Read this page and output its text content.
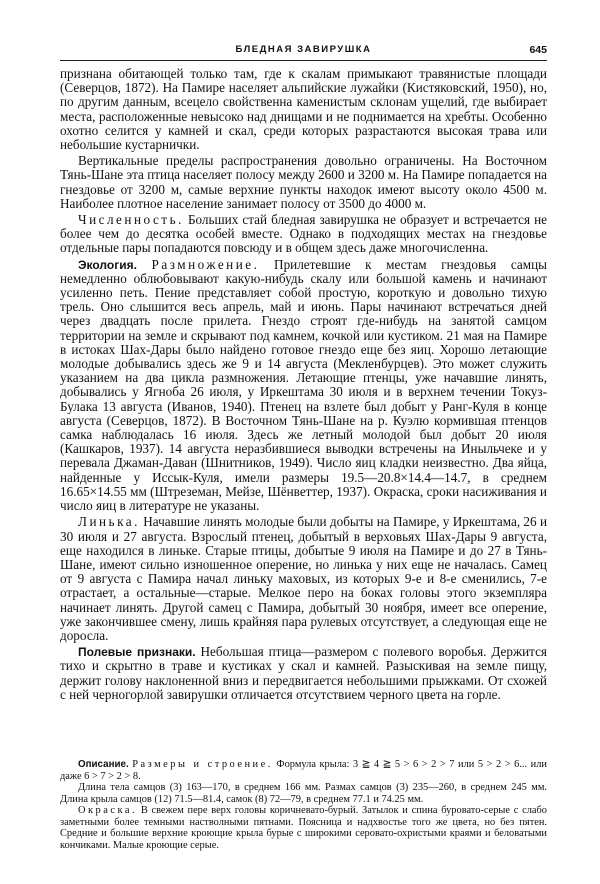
БЛЕДНАЯ ЗАВИРУШКА	645

признана обитающей только там, где к скалам примыкают травянистые площади (Северцов, 1872). На Памире населяет альпийские лужайки (Кистяковский, 1950), но, по другим данным, всецело свойственна каменистым склонам ущелий, где выбирает места, расположенные невысоко над днищами и не поднимается на хребты. Особенно охотно селится у камней и скал, среди которых разрастаются высокая трава или небольшие кустарнички.

Вертикальные пределы распространения довольно ограничены. На Восточном Тянь-Шане эта птица населяет полосу между 2600 и 3200 м. На Памире попадается на гнездовье от 3200 м, самые верхние пункты находок имеют высоту около 4500 м. Наиболее плотное население занимает полосу от 3500 до 4000 м.

Численность. Больших стай бледная завирушка не образует и встречается не более чем до десятка особей вместе. Однако в подходящих местах на гнездовье отдельные пары попадаются повсюду и в общем здесь даже многочисленна.

Экология. Размножение. Прилетевшие к местам гнездовья самцы немедленно облюбовывают какую-нибудь скалу или большой камень и начинают усиленно петь. Пение представляет собой простую, короткую и довольно тихую трель. Оно слышится весь апрель, май и июнь. Пары начинают встречаться дней через двадцать после прилета. Гнездо строят где-нибудь на занятой самцом территории на земле и скрывают под камнем, кочкой или кустиком. 21 мая на Памире в истоках Шах-Дары было найдено готовое гнездо еще без яиц. Хорошо летающие молодые добывались здесь же 9 и 14 августа (Мекленбурцев). Это может служить указанием на два цикла размножения. Летающие птенцы, уже начавшие линять, добывались у Ягноба 26 июля, у Иркештама 30 июля и в верхнем течении Токуз-Булака 13 августа (Иванов, 1940). Птенец на взлете был добыт у Ранг-Куля в конце августа (Северцов, 1872). В Восточном Тянь-Шане на р. Куэлю кормившая птенцов самка наблюдалась 16 июля. Здесь же летный молодой был добыт 20 июля (Кашкаров, 1937). 14 августа неразбившиеся выводки встречены на Иныльчеке и у перевала Джаман-Даван (Шнитников, 1949). Число яиц кладки неизвестно. Два яйца, найденные у Иссык-Куля, имели размеры 19.5—20.8×14.4—14.7, в среднем 16.65×14.55 мм (Штреземан, Мейзе, Шёнветтер, 1937). Окраска, сроки насиживания и число яиц в литературе не указаны.

Линька. Начавшие линять молодые были добыты на Памире, у Иркештама, 26 и 30 июля и 27 августа. Взрослый птенец, добытый в верховьях Шах-Дары 9 августа, еще находился в линьке. Старые птицы, добытые 9 июля на Памире и до 27 в Тянь-Шане, имеют сильно изношенное оперение, но линька у них еще не началась. Самец от 9 августа с Памира начал линьку маховых, из которых 9-е и 8-е сменились, 7-е отрастает, а остальные—старые. Мелкое перо на боках головы этого экземпляра начинает линять. Другой самец с Памира, добытый 30 ноября, имеет все оперение, уже закончившее смену, лишь крайняя пара рулевых отсутствует, а следующая еще не доросла.

Полевые признаки. Небольшая птица—размером с полевого воробья. Держится тихо и скрытно в траве и кустиках у скал и камней. Разыскивая на земле пищу, держит голову наклоненной вниз и передвигается небольшими прыжками. От схожей с ней черногорлой завирушки отличается отсутствием черного цвета на горле.

Описание. Размеры и строение. Формула крыла: 3 ≧ 4 ≧ 5 > 6 > 2 > 7 или 5 > 2 > 6... или даже 6 > 7 > 2 > 8.

Длина тела самцов (3) 163—170, в среднем 166 мм. Размах самцов (3) 235—260, в среднем 245 мм. Длина крыла самцов (12) 71.5—81.4, самок (8) 72—79, в среднем 77.1 и 74.25 мм.

Окраска. В свежем пере верх головы коричневато-бурый. Затылок и спина буровато-серые с слабо заметными более темными настволными пятнами. Поясница и надхвостье того же цвета, но без пятен. Средние и большие верхние кроющие крыла бурые с широкими серовато-охристыми краями и беловатыми кончиками. Малые кроющие серые.
